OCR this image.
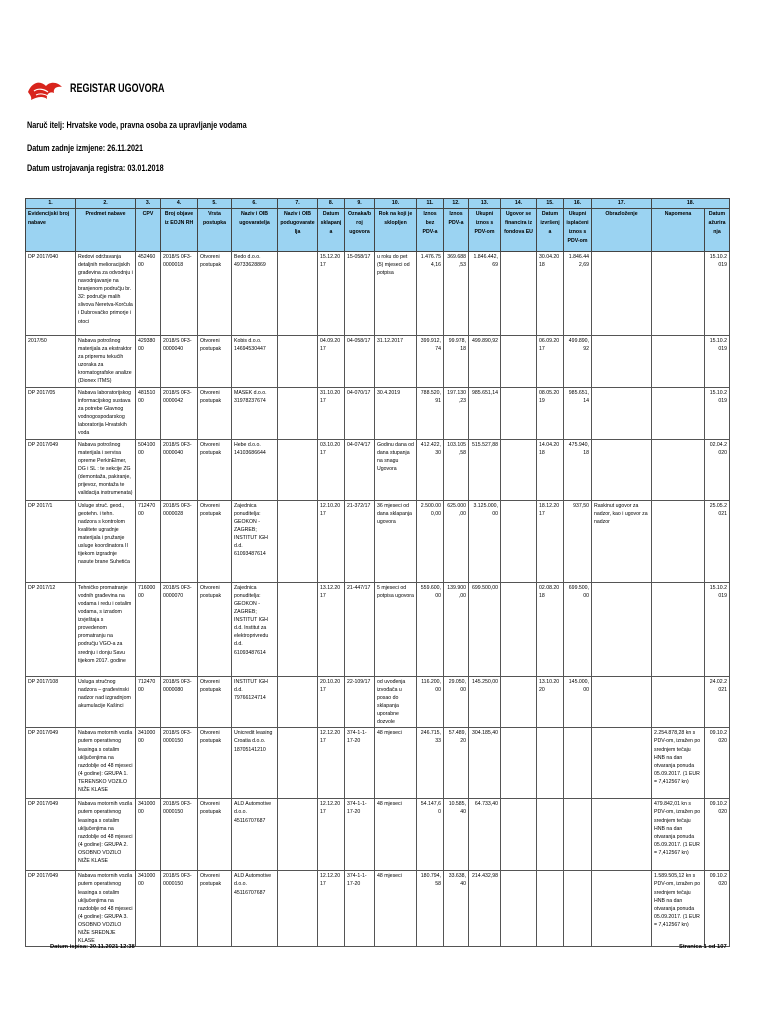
REGISTAR UGOVORA
Naruč itelj: Hrvatske vode, pravna osoba za upravljanje vodama
Datum zadnje izmjene: 26.11.2021
Datum ustrojavanja registra: 03.01.2018
1.	2.	3.	4.	5.	6.	7.	8.	9.	10.	11.	12.	13.	14.	15.	16.	17.	18.	
Evidencijski broj nabave	Predmet nabave	CPV	Broj objave iz EOJN RH	Vrsta postupka	Naziv i OIB ugovaratelja	Naziv i OIB podugovaratelja	Datum sklapanja	Oznaka/broj ugovora	Rok na koji je sklopljen	Iznos bez PDV-a	Iznos PDV-a	Ukupni iznos s PDV-om	Ugovor se financira iz fondova EU	Datum izvršenja	Ukupni isplaćeni iznos s PDV-om	Obrazloženje	Napomena	Datum ažuriranja
DP 2017/040	Redovi održavanja detaljnih melioracijskih građevina za odvodnju i navodnjavanje na branjenom području br. 32: područje malih slivova Neretva-Korčula i Dubrovačko primorje i otoci	45246000	2018/S 0F3-0000018	Otvoreni postupak	Bedo d.o.o. 49733628869		15.12.2017	15-058/17	u roku do pet (5) mjeseci od potpisa	1.476.754,16	369.688,53	1.846.442,69		30.04.2018	1.846.442,69			15.10.2019
2017/50	Nabava potrošnog materijala za ekstraktor za pripremu tekućih uzoraka za kromatografske analize (Dionex ITMS)	42938000	2018/S 0F3-0000040	Otvoreni postupak	Kobis d.o.o. 14694530447		04.09.2017	04-058/17	31.12.2017	399.912,74	99.978,18	499.890,92		06.09.2017	499.890,92			15.10.2019
DP 2017/05	Nabava laboratorijskog informacijskog sustava za potrebe Glavnog vodnogospodarskog laboratorija Hrvatskih voda	48151000	2018/S 0F3-0000042	Otvoreni postupak	MASEK d.o.o. 31978237674		31.10.2017	04-070/17	30.4.2019	788.520,91	197.130,23	985.651,14		08.05.2019	985.651,14			15.10.2019
DP 2017/049	Nabava potrošnog materijala i servisa opreme PerkinElmer, DG i SL : te sekcije ZG (demontaža, pakiranje, prijevoz, montaža te validacija instrumenata)	50410000	2018/S 0F3-0000040	Otvoreni postupak	Hebe d.o.o. 14103686644		03.10.2017	04-074/17	Godinu dana od dana stupanja na snagu Ugovora	412.422,30	103.105,58	515.527,88		14.04.2018	475.940,18			02.04.2020
DP 2017/1	Usluge struč. geod., geotehn. i tehn. nadzora s kontrolom kvalitete ugradnje materijala i pružanje usluge koordinatora II tijekom izgradnje nasute brane Suhetića	71247000	2018/S 0F3-0000028	Otvoreni postupak	Zajednica ponuditelja: GEOKON - ZAGREB; INSTITUT IGH d.d. 61093487614		12.10.2017	21-372/17	36 mjeseci od dana sklapanja ugovora	2.500.000,00	625.000,00	3.125.000,00		18.12.2017	937,50	Raskinut ugovor za nadzor, kao i ugovor za nadzor		25.05.2021
DP 2017/12	Tehničko promatranje vodnih građevina na vodama i redu i ostalim vodama, s izradom izvještaja s provedenom promatranju na području VGO-a za srednju i donju Savu tijekom 2017. godine	71600000	2018/S 0F3-0000070	Otvoreni postupak	Zajednica ponuditelja: GEOKON - ZAGREB; INSTITUT IGH d.d. Institut za elektroprivredu d.d. 61093487614		13.12.2017	21-447/17	5 mjeseci od potpisa ugovora	559.600,00	139.900,00	699.500,00		02.08.2018	699.500,00			15.10.2019
DP 2017/108	Usluga stručnog nadzora – građevinski nadzor nad izgradnjom akumulacije Kašinci	71247000	2018/S 0F3-0000080	Otvoreni postupak	INSTITUT IGH d.d. 79766124714		20.10.2017	22-109/17	od uvođenja izvođača u posao do sklapanja uporabne dozvole	116.200,00	29.050,00	145.250,00		13.10.2020	145.000,00			24.02.2021
DP 2017/049	Nabava motornih vozila putem operativnog leasinga s ostalim uključenjima na razdoblje od 48 mjeseci (4 godine): GRUPA 1. TERENSKO VOZILO NIŽE KLASE	34100000	2018/S 0F3-0000150	Otvoreni postupak	Unicredit leasing Croatia d.o.o. 18705141210		12.12.2017	374-1-1-17-20	48 mjeseci	246.715,33	57.489,20	304.185,40					2.254.878,28 kn s PDV-om, izražen po srednjem tečaju HNB na dan otvaranja ponuda 05.09.2017. (1 EUR = 7,412567 kn)	09.10.2020
DP 2017/049	Nabava motornih vozila putem operativnog leasinga s ostalim uključenjima na razdoblje od 48 mjeseci (4 godine): GRUPA 2. OSOBNO VOZILO NIŽE KLASE	34100000	2018/S 0F3-0000150	Otvoreni postupak	ALD Automotive d.o.o. 45116707687		12.12.2017	374-1-1-17-20	48 mjeseci	54.147,60	10.585,40	64.733,40					479.842,01 kn s PDV-om, izražen po srednjem tečaju HNB na dan otvaranja ponuda 05.09.2017. (1 EUR = 7,412567 kn)	09.10.2020
DP 2017/049	Nabava motornih vozila putem operativnog leasinga s ostalim uključenjima na razdoblje od 48 mjeseci (4 godine): GRUPA 3. OSOBNO VOZILO NIŽE SREDNJE KLASE	34100000	2018/S 0F3-0000150	Otvoreni postupak	ALD Automotive d.o.o. 45116707687		12.12.2017	374-1-1-17-20	48 mjeseci	180.794,58	33.638,40	214.432,98					1.589.505,12 kn s PDV-om, izražen po srednjem tečaju HNB na dan otvaranja ponuda 05.09.2017. (1 EUR = 7,412567 kn)	09.10.2020
Datum ispisa: 30.11.2021 12:38	Stranica 1 od 107
